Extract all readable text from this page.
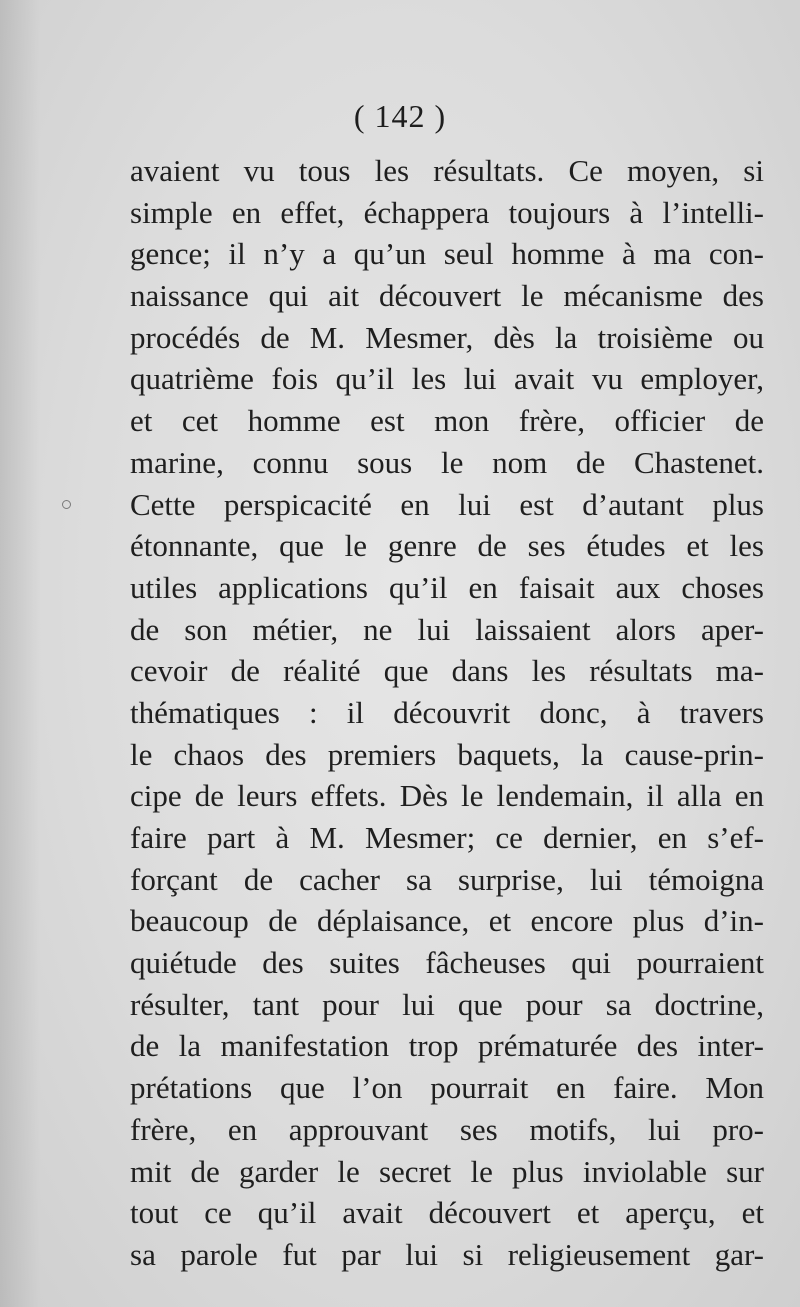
( 142 )
avaient vu tous les résultats. Ce moyen, si
simple en effet, échappera toujours à l’intelli-
gence; il n’y a qu’un seul homme à ma con-
naissance qui ait découvert le mécanisme des
procédés de M. Mesmer, dès la troisième ou
quatrième fois qu’il les lui avait vu employer,
et cet homme est mon frère, officier de
marine, connu sous le nom de Chastenet.
Cette perspicacité en lui est d’autant plus
étonnante, que le genre de ses études et les
utiles applications qu’il en faisait aux choses
de son métier, ne lui laissaient alors aper-
cevoir de réalité que dans les résultats ma-
thématiques : il découvrit donc, à travers
le chaos des premiers baquets, la cause-prin-
cipe de leurs effets. Dès le lendemain, il alla en
faire part à M. Mesmer; ce dernier, en s’ef-
forçant de cacher sa surprise, lui témoigna
beaucoup de déplaisance, et encore plus d’in-
quiétude des suites fâcheuses qui pourraient
résulter, tant pour lui que pour sa doctrine,
de la manifestation trop prématurée des inter-
prétations que l’on pourrait en faire. Mon
frère, en approuvant ses motifs, lui pro-
mit de garder le secret le plus inviolable sur
tout ce qu’il avait découvert et aperçu, et
sa parole fut par lui si religieusement gar-
